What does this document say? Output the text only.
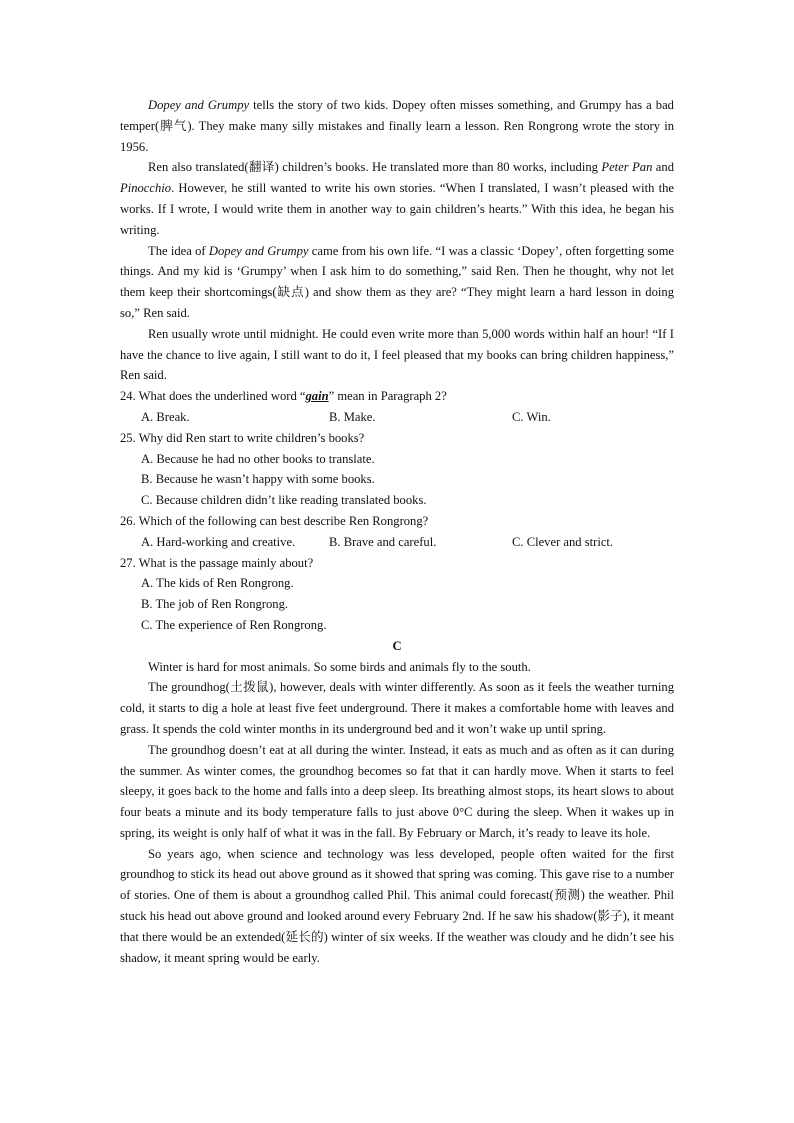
Dopey and Grumpy tells the story of two kids. Dopey often misses something, and Grumpy has a bad temper(脾气). They make many silly mistakes and finally learn a lesson. Ren Rongrong wrote the story in 1956.

Ren also translated(翻译) children’s books. He translated more than 80 works, including Peter Pan and Pinocchio. However, he still wanted to write his own stories. “When I translated, I wasn’t pleased with the works. If I wrote, I would write them in another way to gain children’s hearts.” With this idea, he began his writing.

The idea of Dopey and Grumpy came from his own life. “I was a classic ‘Dopey’, often forgetting some things. And my kid is ‘Grumpy’ when I ask him to do something,” said Ren. Then he thought, why not let them keep their shortcomings(缺点) and show them as they are? “They might learn a hard lesson in doing so,” Ren said.

Ren usually wrote until midnight. He could even write more than 5,000 words within half an hour! “If I have the chance to live again, I still want to do it, I feel pleased that my books can bring children happiness,” Ren said.

24. What does the underlined word “gain” mean in Paragraph 2?

A. Break.	B. Make.	C. Win.

25. Why did Ren start to write children’s books?

A. Because he had no other books to translate.

B. Because he wasn’t happy with some books.

C. Because children didn’t like reading translated books.

26. Which of the following can best describe Ren Rongrong?

A. Hard-working and creative.	B. Brave and careful.	C. Clever and strict.

27. What is the passage mainly about?

A. The kids of Ren Rongrong.

B. The job of Ren Rongrong.

C. The experience of Ren Rongrong.

C

Winter is hard for most animals. So some birds and animals fly to the south.

The groundhog(土拨鼠), however, deals with winter differently. As soon as it feels the weather turning cold, it starts to dig a hole at least five feet underground. There it makes a comfortable home with leaves and grass. It spends the cold winter months in its underground bed and it won’t wake up until spring.

The groundhog doesn’t eat at all during the winter. Instead, it eats as much and as often as it can during the summer. As winter comes, the groundhog becomes so fat that it can hardly move. When it starts to feel sleepy, it goes back to the home and falls into a deep sleep. Its breathing almost stops, its heart slows to about four beats a minute and its body temperature falls to just above 0°C during the sleep. When it wakes up in spring, its weight is only half of what it was in the fall. By February or March, it’s ready to leave its hole.

So years ago, when science and technology was less developed, people often waited for the first groundhog to stick its head out above ground as it showed that spring was coming. This gave rise to a number of stories. One of them is about a groundhog called Phil. This animal could forecast(预测) the weather. Phil stuck his head out above ground and looked around every February 2nd. If he saw his shadow(影子), it meant that there would be an extended(延长的) winter of six weeks. If the weather was cloudy and he didn’t see his shadow, it meant spring would be early.
